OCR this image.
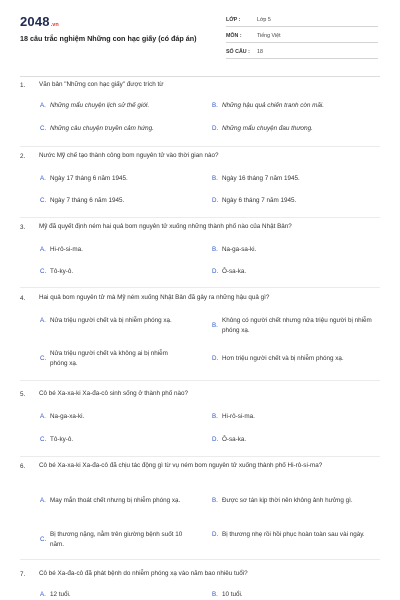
2048 .vn
18 câu trắc nghiệm Những con hạc giấy (có đáp án)
LỚP :	Lớp 5
MÔN :	Tiếng Việt
SỐ CÂU :	18
1. Văn bản "Những con hạc giấy" được trích từ
A. Những mẩu chuyện lịch sử thế giới.	B. Những hậu quả chiến tranh còn mãi.
C. Những câu chuyện truyền cảm hứng.	D. Những mẩu chuyện đau thương.
2. Nước Mỹ chế tạo thành công bom nguyên tử vào thời gian nào?
A. Ngày 17 tháng 6 năm 1945.	B. Ngày 16 tháng 7 năm 1945.
C. Ngày 7 tháng 6 năm 1945.	D. Ngày 6 tháng 7 năm 1945.
3. Mỹ đã quyết định ném hai quả bom nguyên tử xuống những thành phố nào của Nhật Bản?
A. Hi-rô-si-ma.	B. Na-ga-sa-ki.
C. Tô-ky-ô.	D. Ô-sa-ka.
4. Hai quả bom nguyên tử mà Mỹ ném xuống Nhật Bản đã gây ra những hậu quả gì?
A. Nửa triệu người chết và bị nhiễm phóng xạ.
B.
Không có người chết nhưng nửa triệu người bị nhiễm phóng xạ.
C.
Nửa triệu người chết và không ai bị nhiễm phóng xạ.
D. Hơn triệu người chết và bị nhiễm phóng xạ.
5. Cô bé Xa-xa-ki Xa-đa-cô sinh sống ở thành phố nào?
A. Na-ga-xa-ki.	B. Hi-rô-si-ma.
C. Tô-ky-ô.	D. Ô-sa-ka.
6. Cô bé Xa-xa-ki Xa-đa-cô đã chịu tác động gì từ vụ ném bom nguyên tử xuống thành phố Hi-rô-si-ma?
A. May mắn thoát chết nhưng bị nhiễm phóng xạ.	B. Được sơ tán kịp thời nên không ảnh hưởng gì.
C.
Bị thương nặng, nằm trên giường bệnh suốt 10 năm.
D. Bị thương nhẹ rồi hồi phục hoàn toàn sau vài ngày.
7. Cô bé Xa-đa-cô đã phát bệnh do nhiễm phóng xạ vào năm bao nhiêu tuổi?
A. 12 tuổi.	B. 10 tuổi.
